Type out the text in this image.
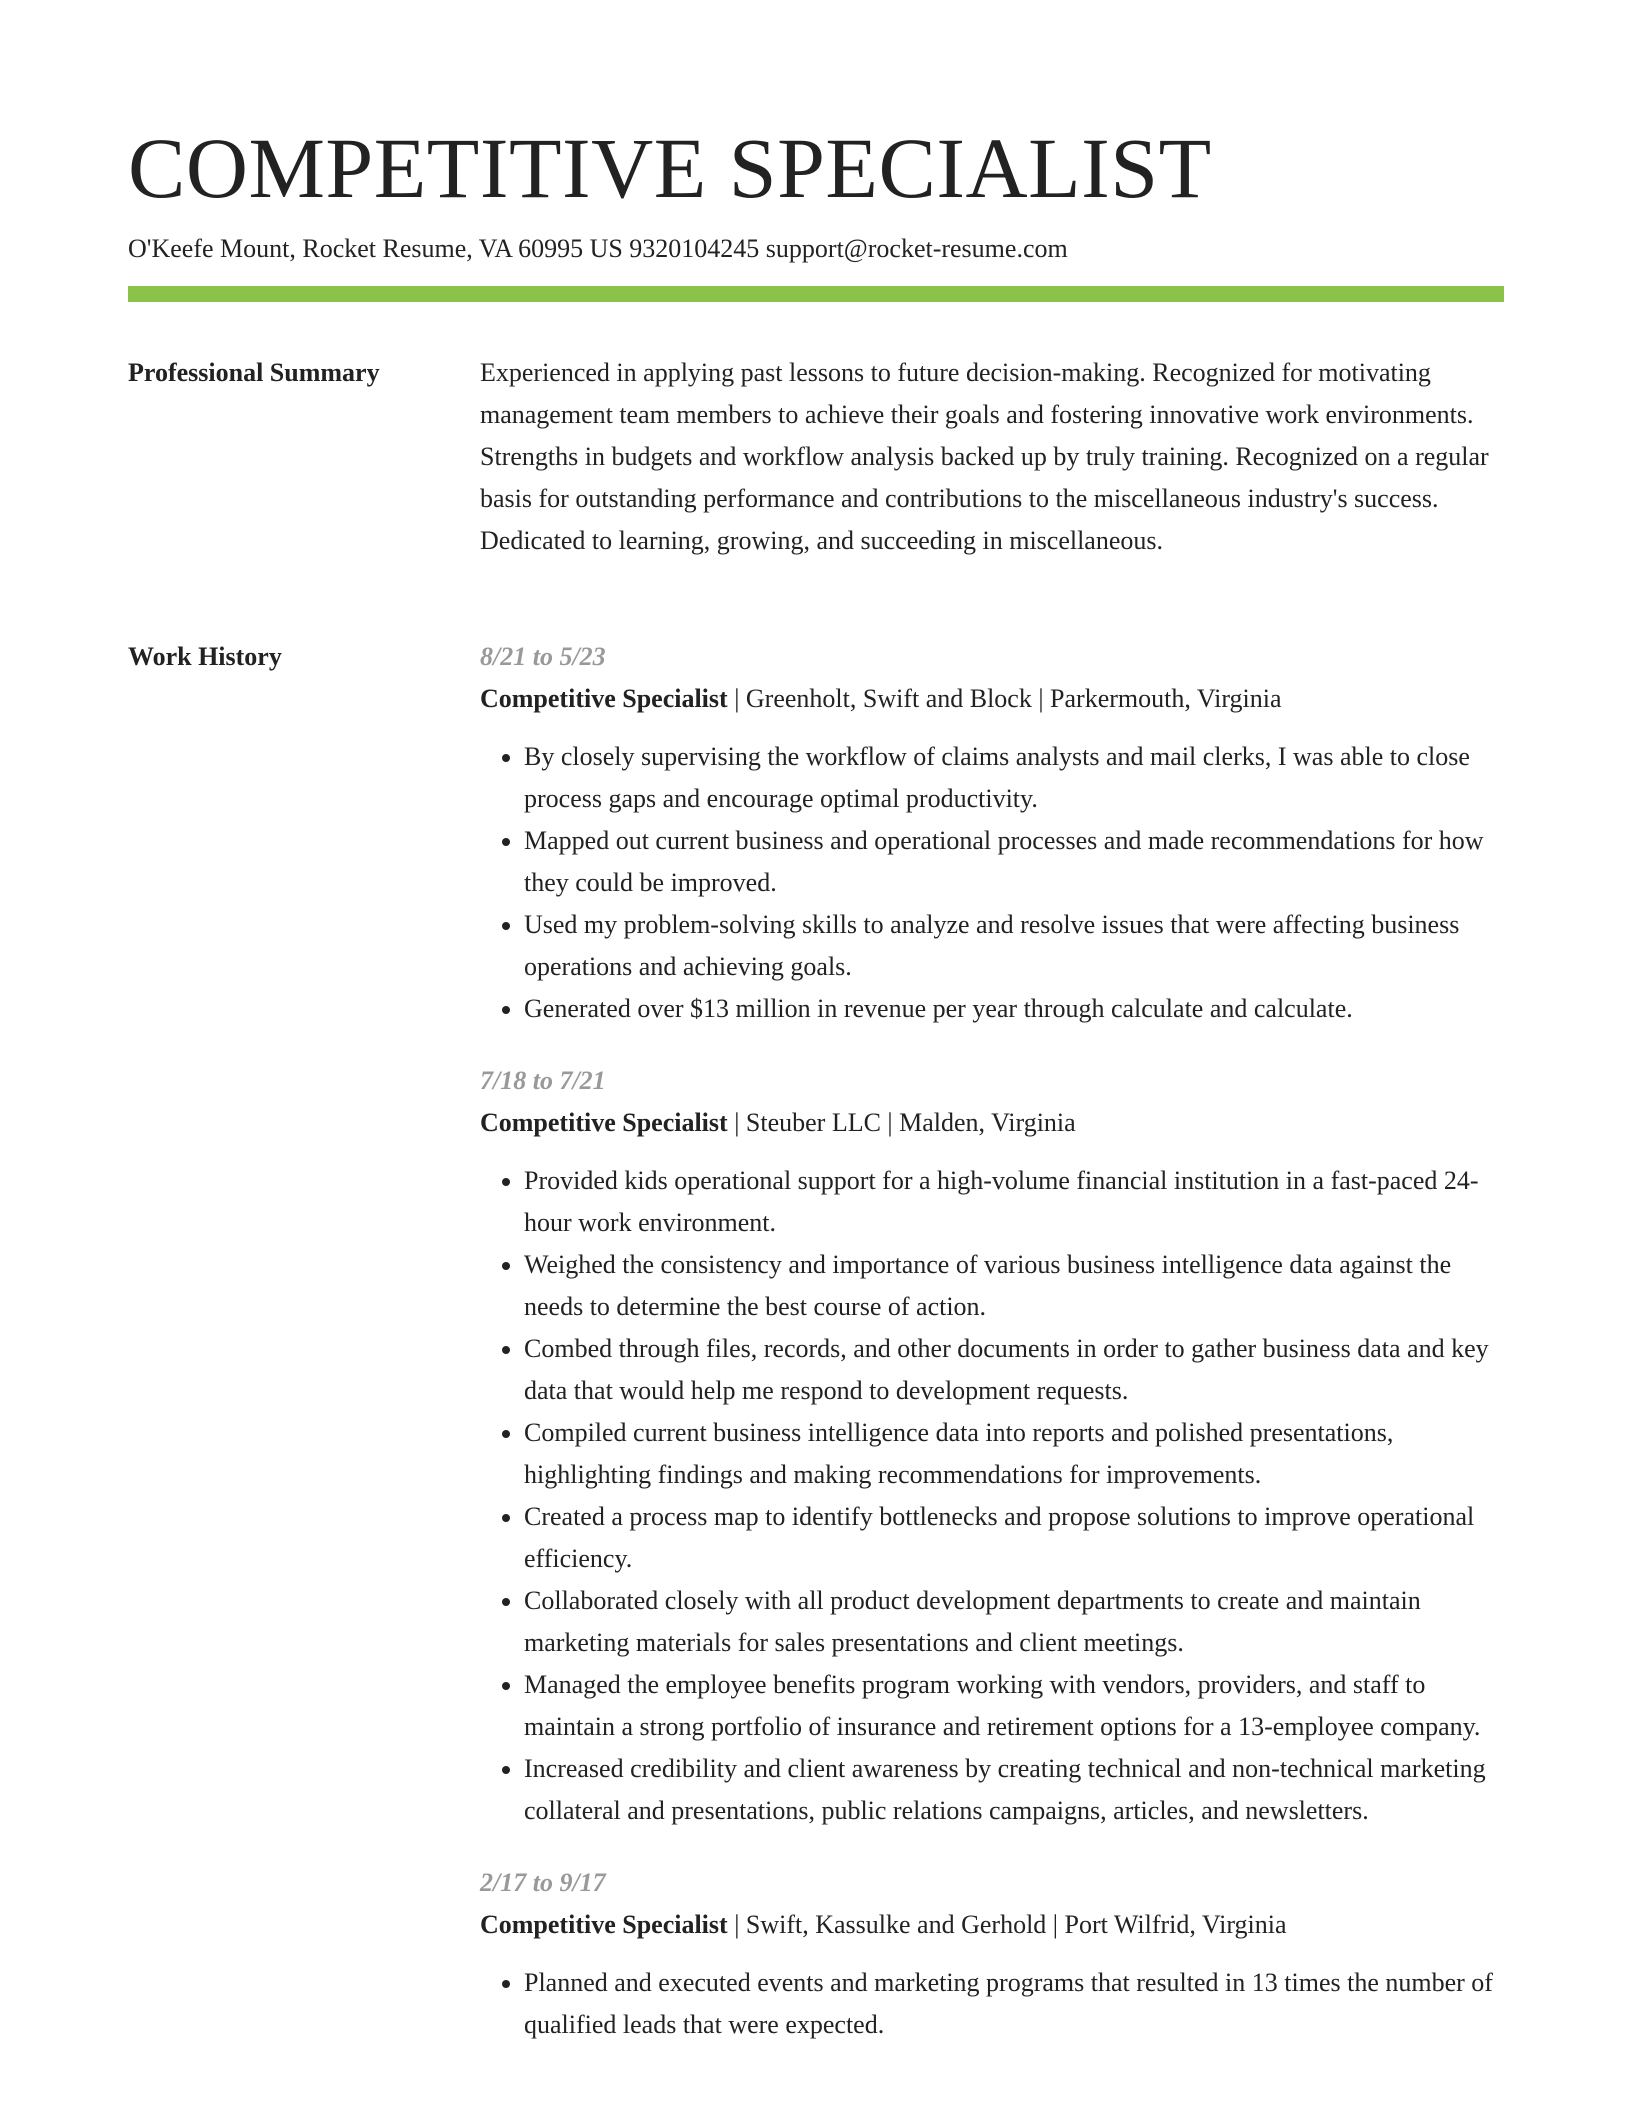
COMPETITIVE SPECIALIST
O'Keefe Mount, Rocket Resume, VA 60995 US 9320104245 support@rocket-resume.com
Professional Summary	Experienced in applying past lessons to future decision-making. Recognized for motivating management team members to achieve their goals and fostering innovative work environments. Strengths in budgets and workflow analysis backed up by truly training. Recognized on a regular basis for outstanding performance and contributions to the miscellaneous industry's success. Dedicated to learning, growing, and succeeding in miscellaneous.

Work History	8/21 to 5/23
Competitive Specialist | Greenholt, Swift and Block | Parkermouth, Virginia
• By closely supervising the workflow of claims analysts and mail clerks, I was able to close process gaps and encourage optimal productivity.
• Mapped out current business and operational processes and made recommendations for how they could be improved.
• Used my problem-solving skills to analyze and resolve issues that were affecting business operations and achieving goals.
• Generated over $13 million in revenue per year through calculate and calculate.
7/18 to 7/21
Competitive Specialist | Steuber LLC | Malden, Virginia
• Provided kids operational support for a high-volume financial institution in a fast-paced 24-hour work environment.
• Weighed the consistency and importance of various business intelligence data against the needs to determine the best course of action.
• Combed through files, records, and other documents in order to gather business data and key data that would help me respond to development requests.
• Compiled current business intelligence data into reports and polished presentations, highlighting findings and making recommendations for improvements.
• Created a process map to identify bottlenecks and propose solutions to improve operational efficiency.
• Collaborated closely with all product development departments to create and maintain marketing materials for sales presentations and client meetings.
• Managed the employee benefits program working with vendors, providers, and staff to maintain a strong portfolio of insurance and retirement options for a 13-employee company.
• Increased credibility and client awareness by creating technical and non-technical marketing collateral and presentations, public relations campaigns, articles, and newsletters.
2/17 to 9/17
Competitive Specialist | Swift, Kassulke and Gerhold | Port Wilfrid, Virginia
• Planned and executed events and marketing programs that resulted in 13 times the number of qualified leads that were expected.
